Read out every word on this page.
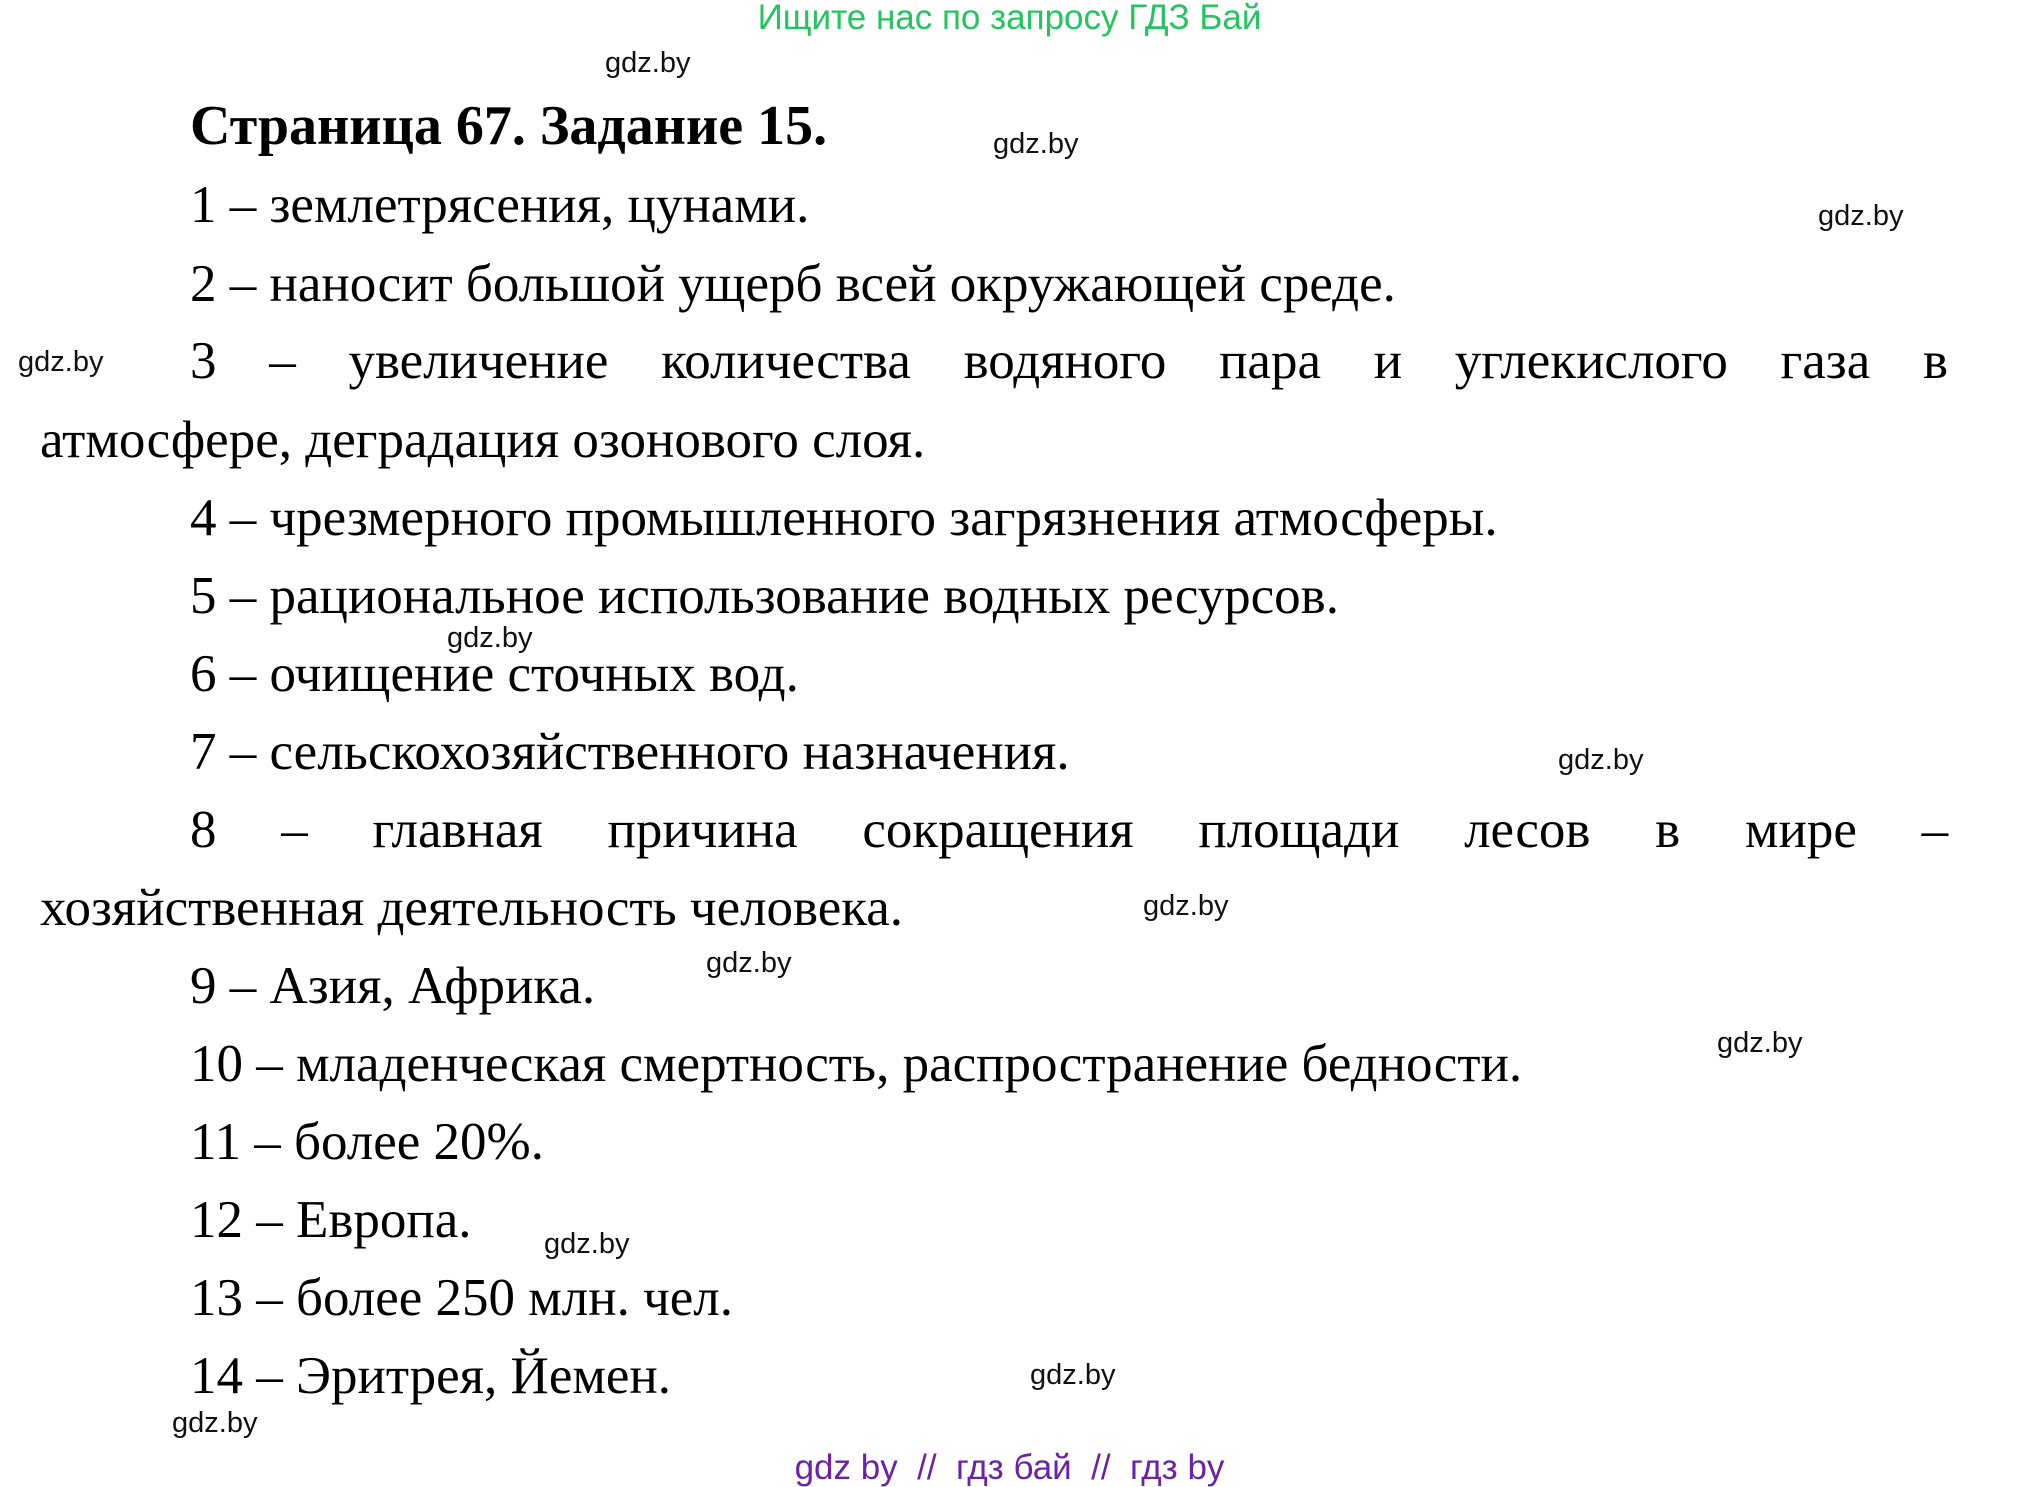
Ищите нас по запросу ГДЗ Бай
Страница 67. Задание 15.
1 – землетрясения, цунами.
2 – наносит большой ущерб всей окружающей среде.
3 – увеличение количества водяного пара и углекислого газа в
атмосфере, деградация озонового слоя.
4 – чрезмерного промышленного загрязнения атмосферы.
5 – рациональное использование водных ресурсов.
6 – очищение сточных вод.
7 – сельскохозяйственного назначения.
8 – главная причина сокращения площади лесов в мире –
хозяйственная деятельность человека.
9 – Азия, Африка.
10 – младенческая смертность, распространение бедности.
11 – более 20%.
12 – Европа.
13 – более 250 млн. чел.
14 – Эритрея, Йемен.
gdz.by
gdz.by
gdz.by
gdz.by
gdz.by
gdz.by
gdz.by
gdz.by
gdz.by
gdz.by
gdz.by
gdz.by
gdz by  //  гдз бай  //  гдз by
